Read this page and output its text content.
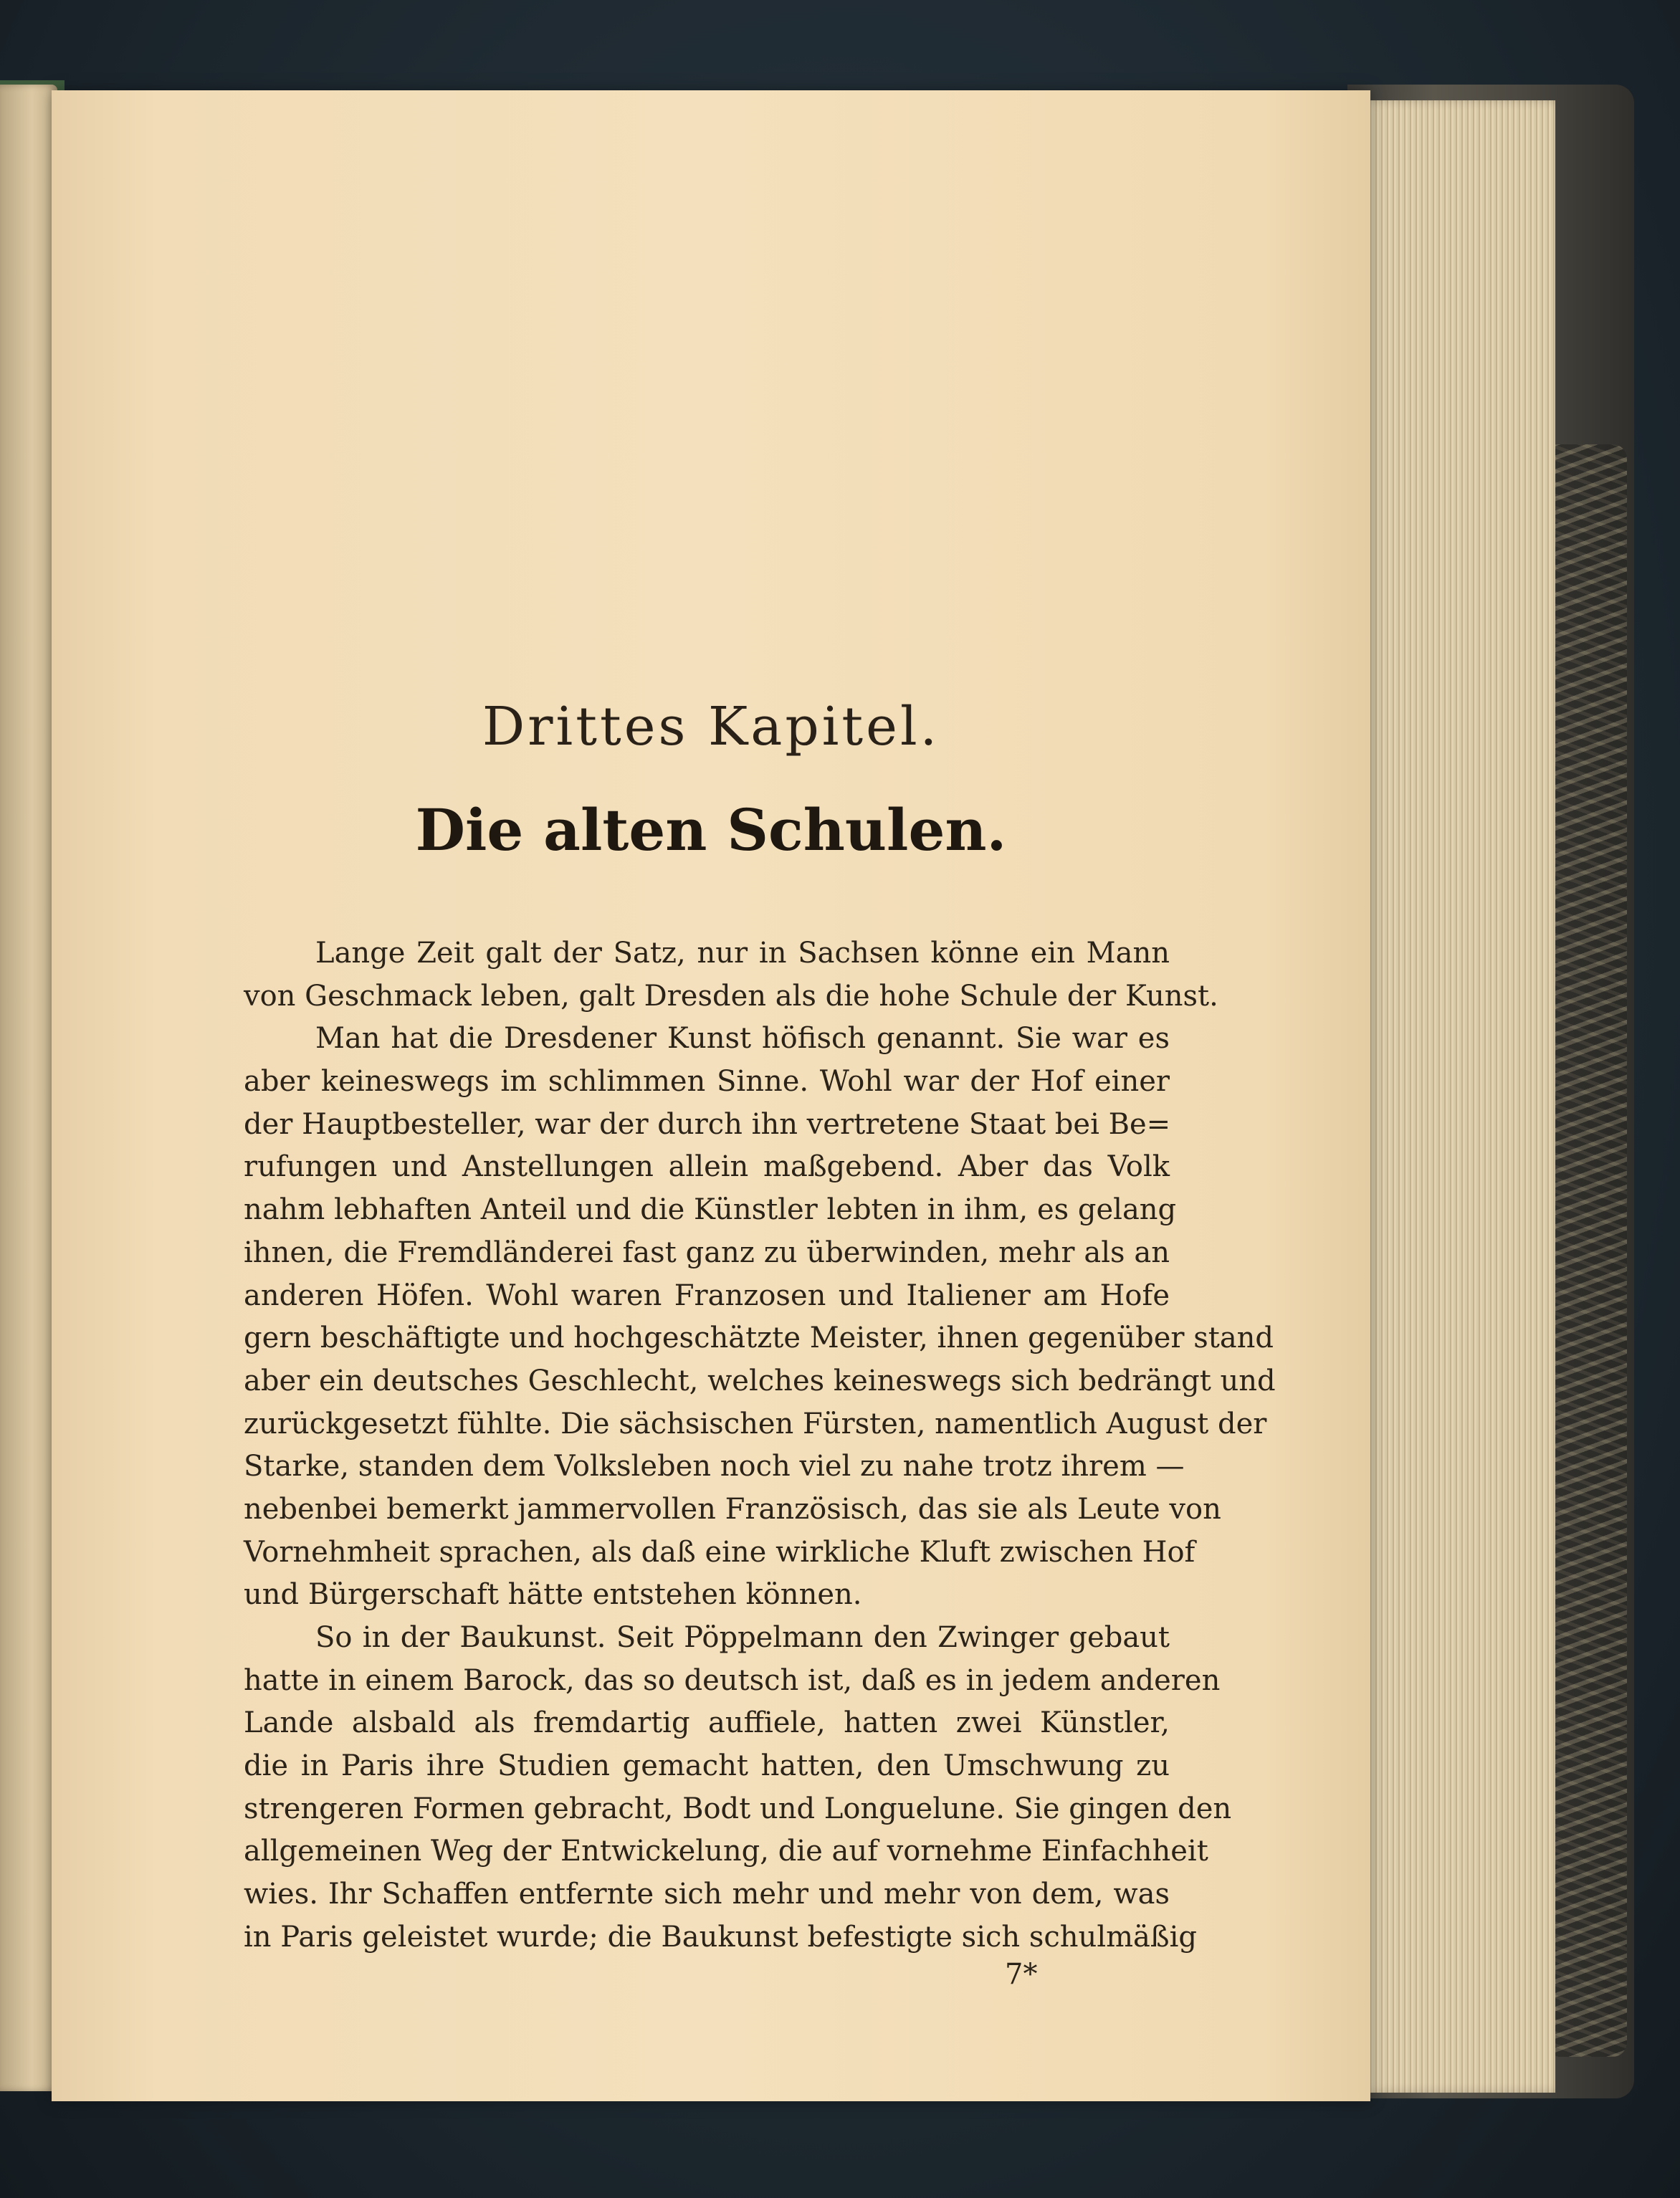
Drittes Kapitel.
Die alten Schulen.
Lange Zeit galt der Satz, nur in Sachsen könne ein Mann
von Geschmack leben, galt Dresden als die hohe Schule der Kunst.
Man hat die Dresdener Kunst höfisch genannt. Sie war es
aber keineswegs im schlimmen Sinne. Wohl war der Hof einer
der Hauptbesteller, war der durch ihn vertretene Staat bei Be=
rufungen und Anstellungen allein maßgebend. Aber das Volk
nahm lebhaften Anteil und die Künstler lebten in ihm, es gelang
ihnen, die Fremdländerei fast ganz zu überwinden, mehr als an
anderen Höfen. Wohl waren Franzosen und Italiener am Hofe
gern beschäftigte und hochgeschätzte Meister, ihnen gegenüber stand
aber ein deutsches Geschlecht, welches keineswegs sich bedrängt und
zurückgesetzt fühlte. Die sächsischen Fürsten, namentlich August der
Starke, standen dem Volksleben noch viel zu nahe trotz ihrem —
nebenbei bemerkt jammervollen Französisch, das sie als Leute von
Vornehmheit sprachen, als daß eine wirkliche Kluft zwischen Hof
und Bürgerschaft hätte entstehen können.
So in der Baukunst. Seit Pöppelmann den Zwinger gebaut
hatte in einem Barock, das so deutsch ist, daß es in jedem anderen
Lande alsbald als fremdartig auffiele, hatten zwei Künstler,
die in Paris ihre Studien gemacht hatten, den Umschwung zu
strengeren Formen gebracht, Bodt und Longuelune. Sie gingen den
allgemeinen Weg der Entwickelung, die auf vornehme Einfachheit
wies. Ihr Schaffen entfernte sich mehr und mehr von dem, was
in Paris geleistet wurde; die Baukunst befestigte sich schulmäßig
7*
